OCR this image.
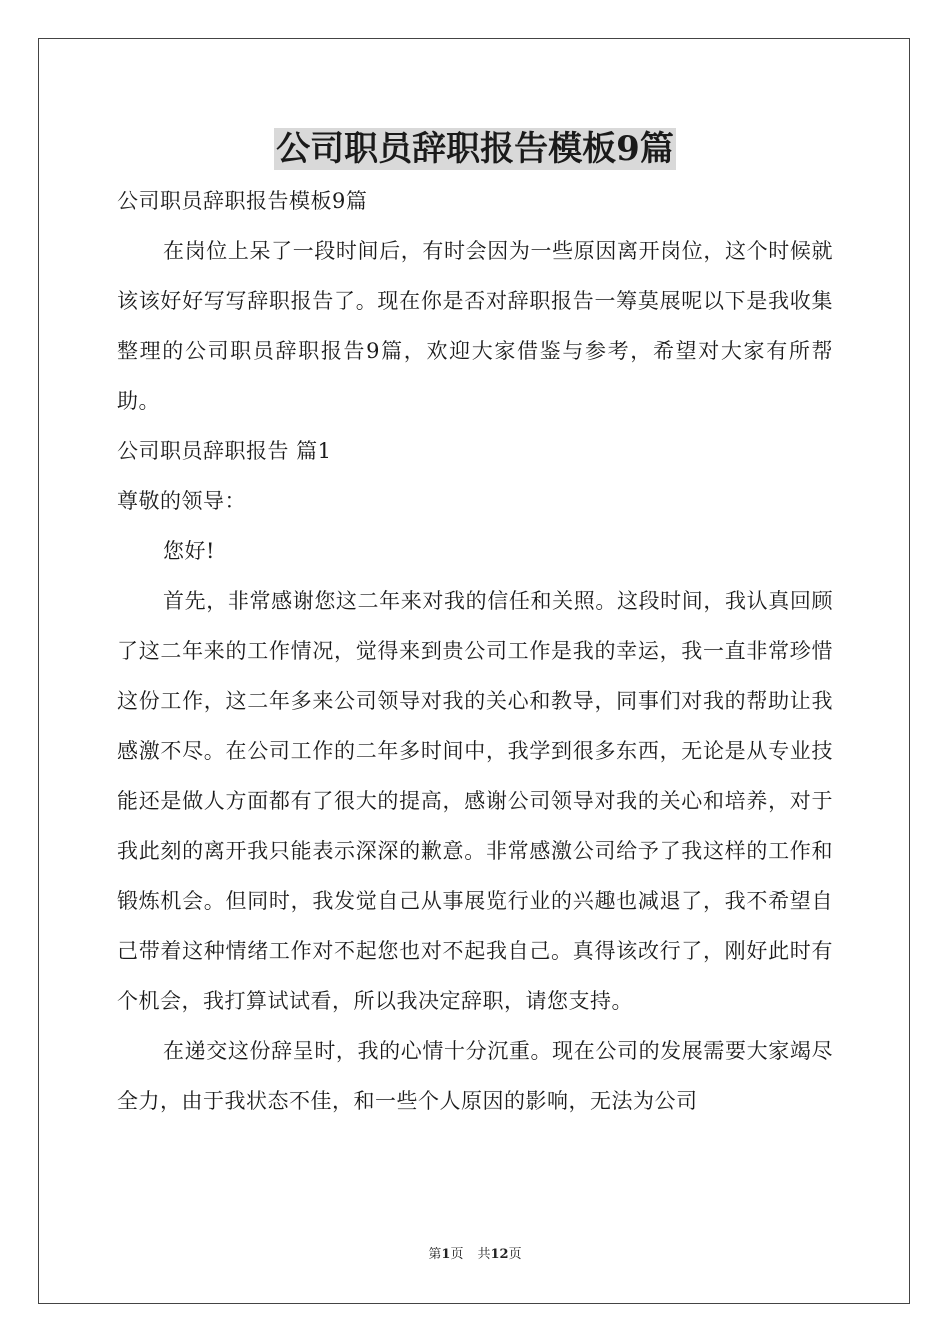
公司职员辞职报告模板9篇

公司职员辞职报告模板9篇

在岗位上呆了一段时间后，有时会因为一些原因离开岗位，这个时候就该该好好写写辞职报告了。现在你是否对辞职报告一筹莫展呢以下是我收集整理的公司职员辞职报告9篇，欢迎大家借鉴与参考，希望对大家有所帮助。

公司职员辞职报告 篇1

尊敬的领导：

您好!

首先，非常感谢您这二年来对我的信任和关照。这段时间，我认真回顾了这二年来的工作情况，觉得来到贵公司工作是我的幸运，我一直非常珍惜这份工作，这二年多来公司领导对我的关心和教导，同事们对我的帮助让我感激不尽。在公司工作的二年多时间中，我学到很多东西，无论是从专业技能还是做人方面都有了很大的提高，感谢公司领导对我的关心和培养，对于我此刻的离开我只能表示深深的歉意。非常感激公司给予了我这样的工作和锻炼机会。但同时，我发觉自己从事展览行业的兴趣也减退了，我不希望自己带着这种情绪工作对不起您也对不起我自己。真得该改行了，刚好此时有个机会，我打算试试看，所以我决定辞职，请您支持。

在递交这份辞呈时，我的心情十分沉重。现在公司的发展需要大家竭尽全力，由于我状态不佳，和一些个人原因的影响，无法为公司

第1页 共12页
